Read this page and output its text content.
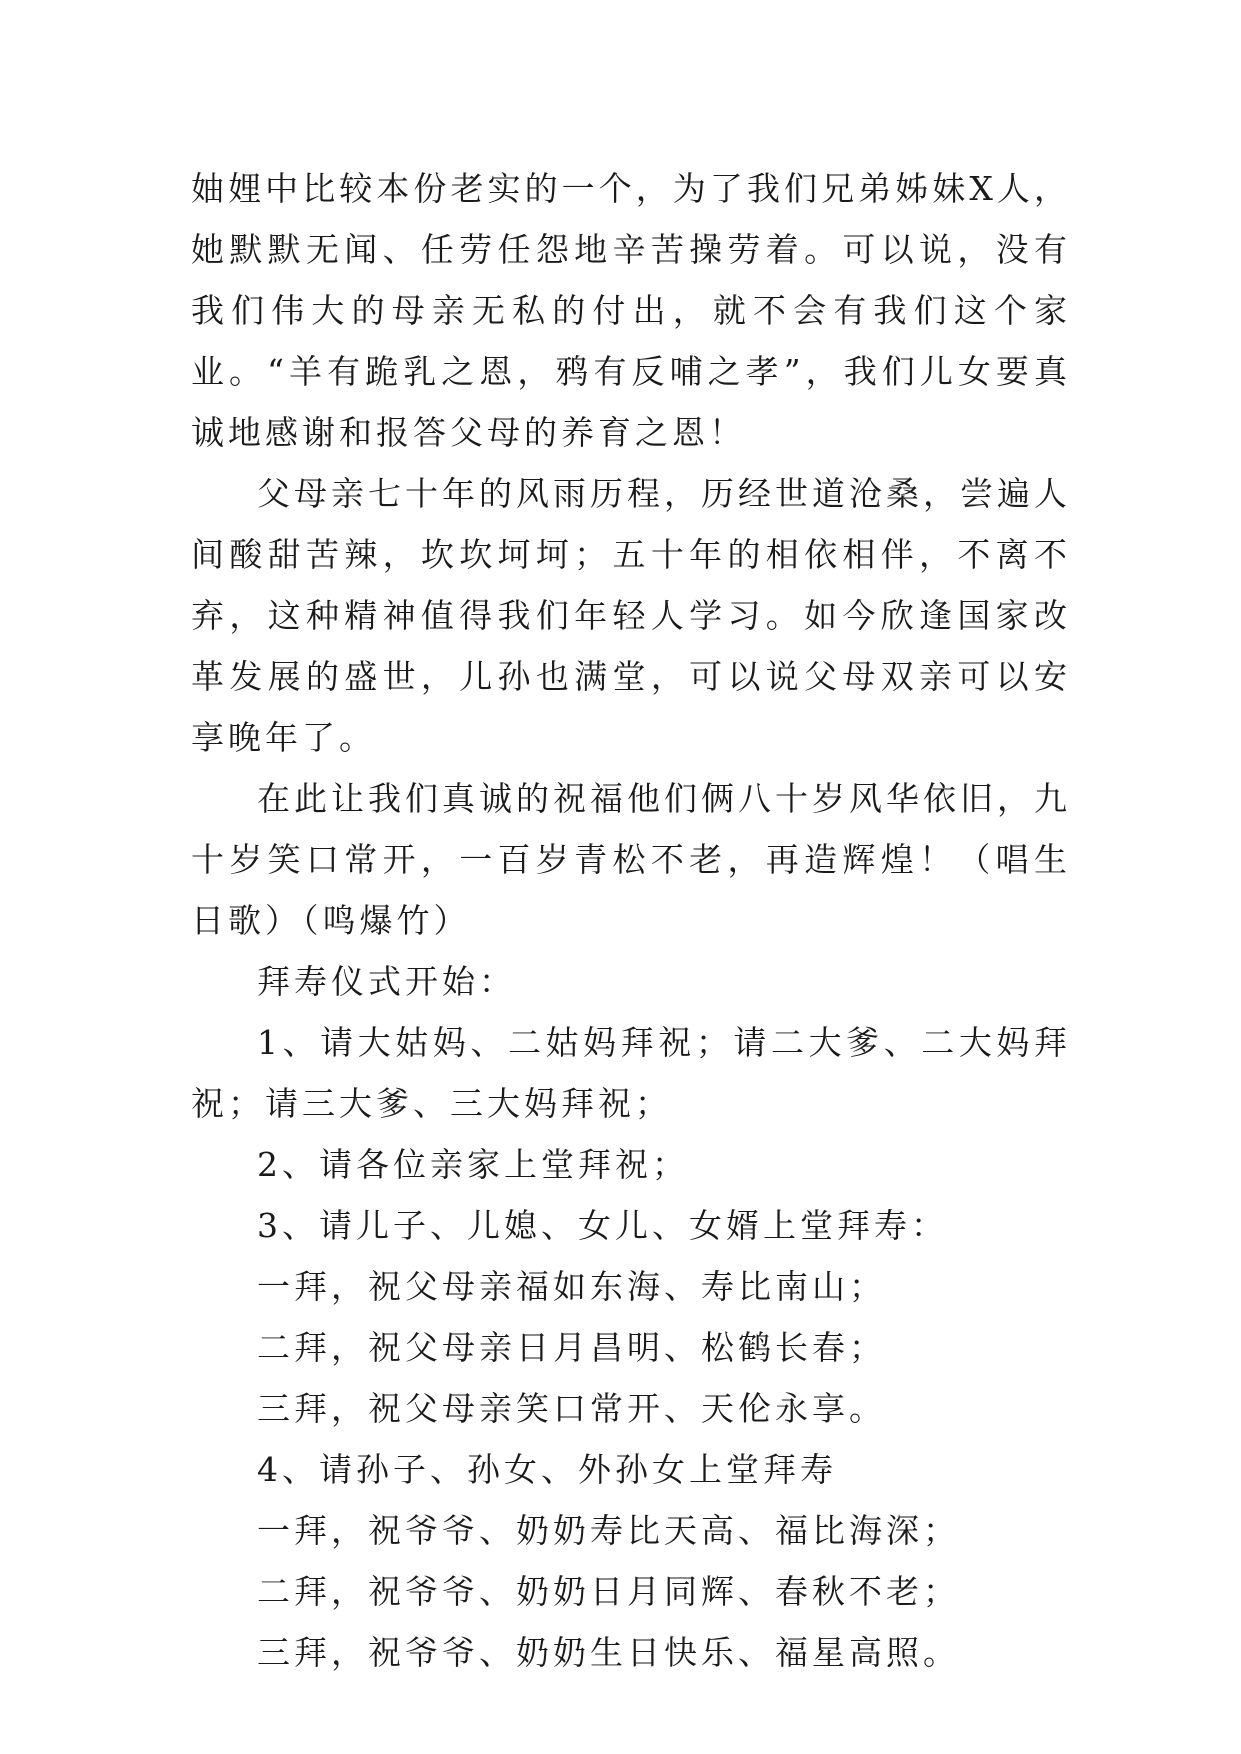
妯娌中比较本份老实的一个，为了我们兄弟姊妹X人，她默默无闻、任劳任怨地辛苦操劳着。可以说，没有我们伟大的母亲无私的付出，就不会有我们这个家业。“羊有跪乳之恩，鸦有反哺之孝”，我们儿女要真诚地感谢和报答父母的养育之恩！

父母亲七十年的风雨历程，历经世道沧桑，尝遍人间酸甜苦辣，坎坎坷坷；五十年的相依相伴，不离不弃，这种精神值得我们年轻人学习。如今欣逢国家改革发展的盛世，儿孙也满堂，可以说父母双亲可以安享晚年了。

在此让我们真诚的祝福他们俩八十岁风华依旧，九十岁笑口常开，一百岁青松不老，再造辉煌！（唱生日歌）（鸣爆竹）

拜寿仪式开始：

1、请大姑妈、二姑妈拜祝；请二大爹、二大妈拜祝；请三大爹、三大妈拜祝；

2、请各位亲家上堂拜祝；

3、请儿子、儿媳、女儿、女婿上堂拜寿：

一拜，祝父母亲福如东海、寿比南山；

二拜，祝父母亲日月昌明、松鹤长春；

三拜，祝父母亲笑口常开、天伦永享。

4、请孙子、孙女、外孙女上堂拜寿

一拜，祝爷爷、奶奶寿比天高、福比海深；

二拜，祝爷爷、奶奶日月同辉、春秋不老；

三拜，祝爷爷、奶奶生日快乐、福星高照。
